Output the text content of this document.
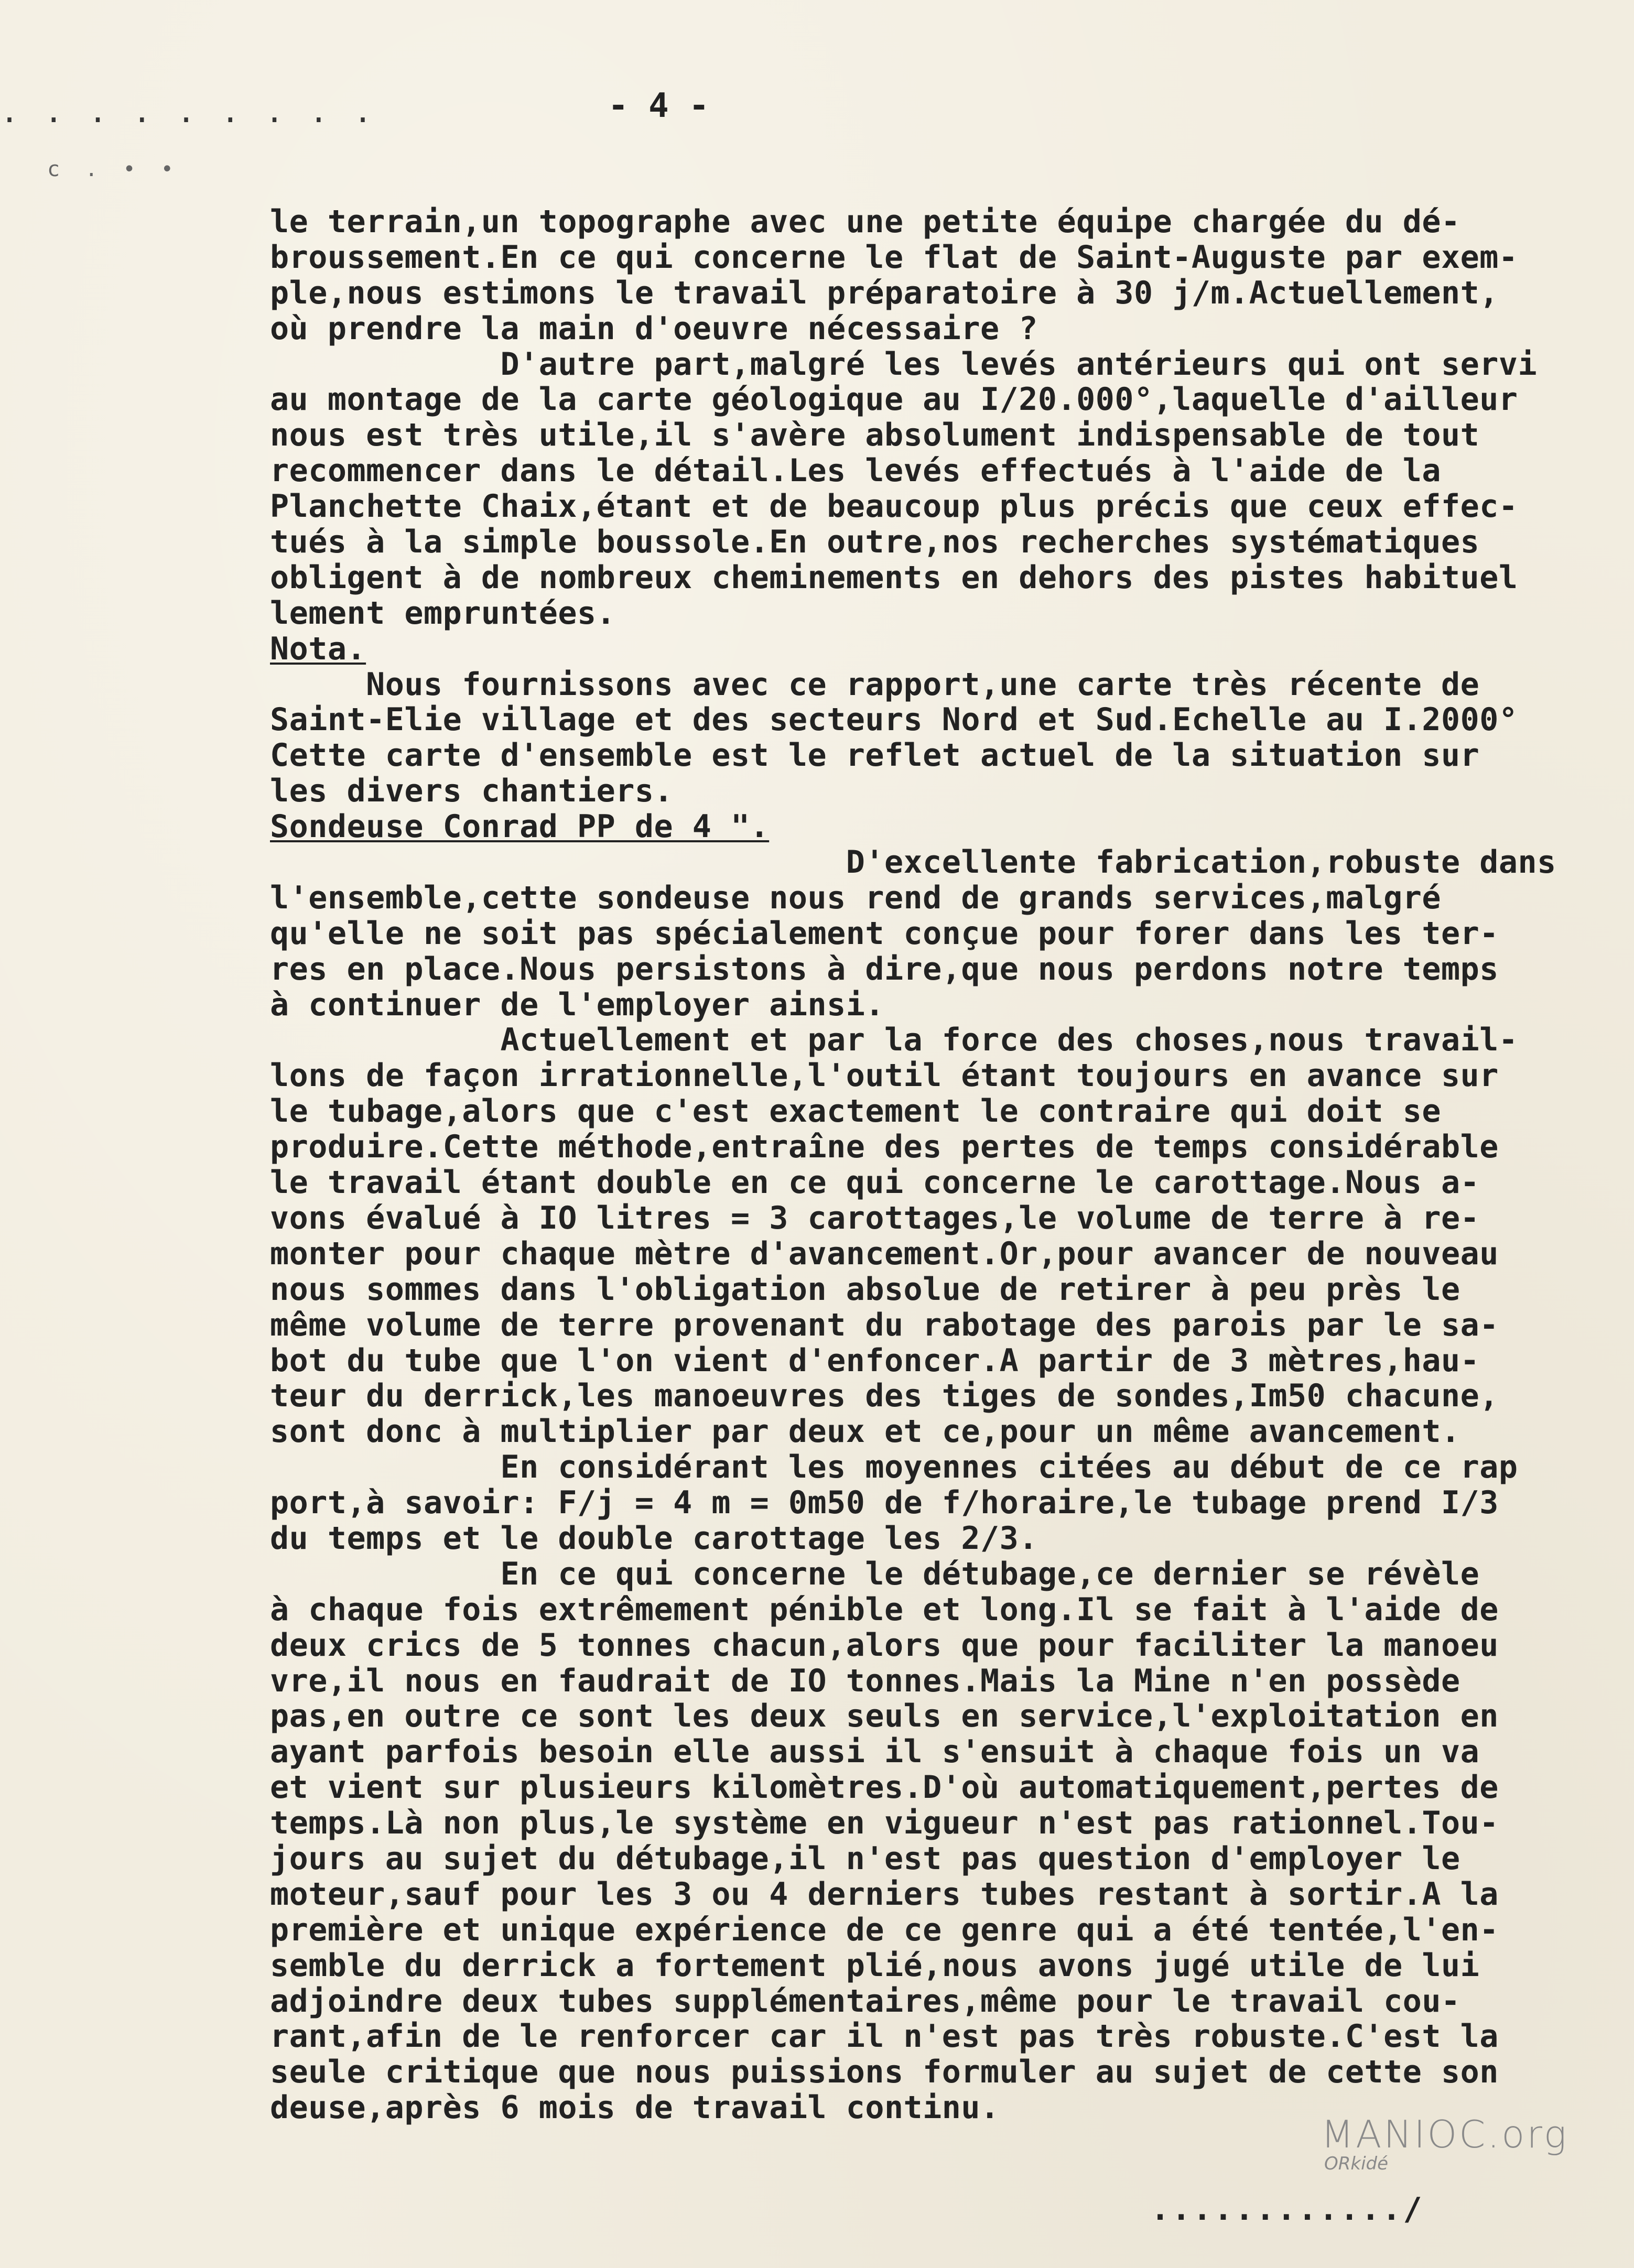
. . . . . . . . .
c  .  •  •
- 4 -
le terrain,un topographe avec une petite équipe chargée du dé-
broussement.En ce qui concerne le flat de Saint-Auguste par exem-
ple,nous estimons le travail préparatoire à 30 j/m.Actuellement,
où prendre la main d'oeuvre nécessaire ?
D'autre part,malgré les levés antérieurs qui ont servi
au montage de la carte géologique au I/20.000°,laquelle d'ailleur
nous est très utile,il s'avère absolument indispensable de tout
recommencer dans le détail.Les levés effectués à l'aide de la
Planchette Chaix,étant et de beaucoup plus précis que ceux effec-
tués à la simple boussole.En outre,nos recherches systématiques
obligent à de nombreux cheminements en dehors des pistes habituel
lement empruntées.
Nota.
Nous fournissons avec ce rapport,une carte très récente de
Saint-Elie village et des secteurs Nord et Sud.Echelle au I.2000°
Cette carte d'ensemble est le reflet actuel de la situation sur
les divers chantiers.
Sondeuse Conrad PP de 4 ".
D'excellente fabrication,robuste dans
l'ensemble,cette sondeuse nous rend de grands services,malgré
qu'elle ne soit pas spécialement conçue pour forer dans les ter-
res en place.Nous persistons à dire,que nous perdons notre temps
à continuer de l'employer ainsi.
Actuellement et par la force des choses,nous travail-
lons de façon irrationnelle,l'outil étant toujours en avance sur
le tubage,alors que c'est exactement le contraire qui doit se
produire.Cette méthode,entraîne des pertes de temps considérable
le travail étant double en ce qui concerne le carottage.Nous a-
vons évalué à IO litres = 3 carottages,le volume de terre à re-
monter pour chaque mètre d'avancement.Or,pour avancer de nouveau
nous sommes dans l'obligation absolue de retirer à peu près le
même volume de terre provenant du rabotage des parois par le sa-
bot du tube que l'on vient d'enfoncer.A partir de 3 mètres,hau-
teur du derrick,les manoeuvres des tiges de sondes,Im50 chacune,
sont donc à multiplier par deux et ce,pour un même avancement.
En considérant les moyennes citées au début de ce rap
port,à savoir: F/j = 4 m = 0m50 de f/horaire,le tubage prend I/3
du temps et le double carottage les 2/3.
En ce qui concerne le détubage,ce dernier se révèle
à chaque fois extrêmement pénible et long.Il se fait à l'aide de
deux crics de 5 tonnes chacun,alors que pour faciliter la manoeu
vre,il nous en faudrait de IO tonnes.Mais la Mine n'en possède
pas,en outre ce sont les deux seuls en service,l'exploitation en
ayant parfois besoin elle aussi il s'ensuit à chaque fois un va
et vient sur plusieurs kilomètres.D'où automatiquement,pertes de
temps.Là non plus,le système en vigueur n'est pas rationnel.Tou-
jours au sujet du détubage,il n'est pas question d'employer le
moteur,sauf pour les 3 ou 4 derniers tubes restant à sortir.A la
première et unique expérience de ce genre qui a été tentée,l'en-
semble du derrick a fortement plié,nous avons jugé utile de lui
adjoindre deux tubes supplémentaires,même pour le travail cou-
rant,afin de le renforcer car il n'est pas très robuste.C'est la
seule critique que nous puissions formuler au sujet de cette son
deuse,après 6 mois de travail continu.
MANIOC.org
ORkidé
............/
